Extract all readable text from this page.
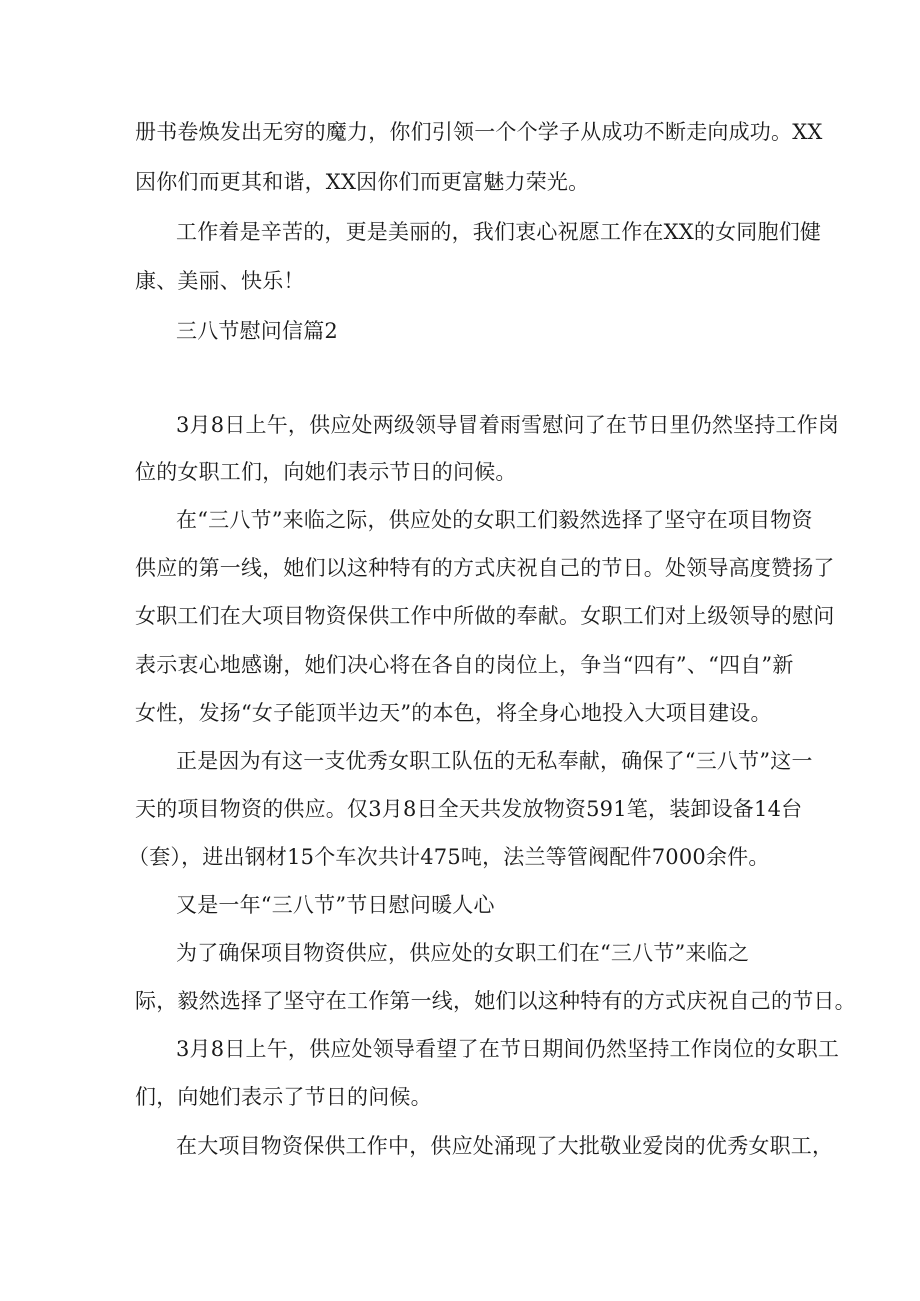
册书卷焕发出无穷的魔力，你们引领一个个学子从成功不断走向成功。XX
因你们而更其和谐，XX因你们而更富魅力荣光。
工作着是辛苦的，更是美丽的，我们衷心祝愿工作在XX的女同胞们健
康、美丽、快乐！
三八节慰问信篇2
3月8日上午，供应处两级领导冒着雨雪慰问了在节日里仍然坚持工作岗
位的女职工们，向她们表示节日的问候。
在“三八节”来临之际，供应处的女职工们毅然选择了坚守在项目物资
供应的第一线，她们以这种特有的方式庆祝自己的节日。处领导高度赞扬了
女职工们在大项目物资保供工作中所做的奉献。女职工们对上级领导的慰问
表示衷心地感谢，她们决心将在各自的岗位上，争当“四有”、“四自”新
女性，发扬“女子能顶半边天”的本色，将全身心地投入大项目建设。
正是因为有这一支优秀女职工队伍的无私奉献，确保了“三八节”这一
天的项目物资的供应。仅3月8日全天共发放物资591笔，装卸设备14台
（套），进出钢材15个车次共计475吨，法兰等管阀配件7000余件。
又是一年“三八节”节日慰问暖人心
为了确保项目物资供应，供应处的女职工们在“三八节”来临之
际，毅然选择了坚守在工作第一线，她们以这种特有的方式庆祝自己的节日。
3月8日上午，供应处领导看望了在节日期间仍然坚持工作岗位的女职工
们，向她们表示了节日的问候。
在大项目物资保供工作中，供应处涌现了大批敬业爱岗的优秀女职工，
